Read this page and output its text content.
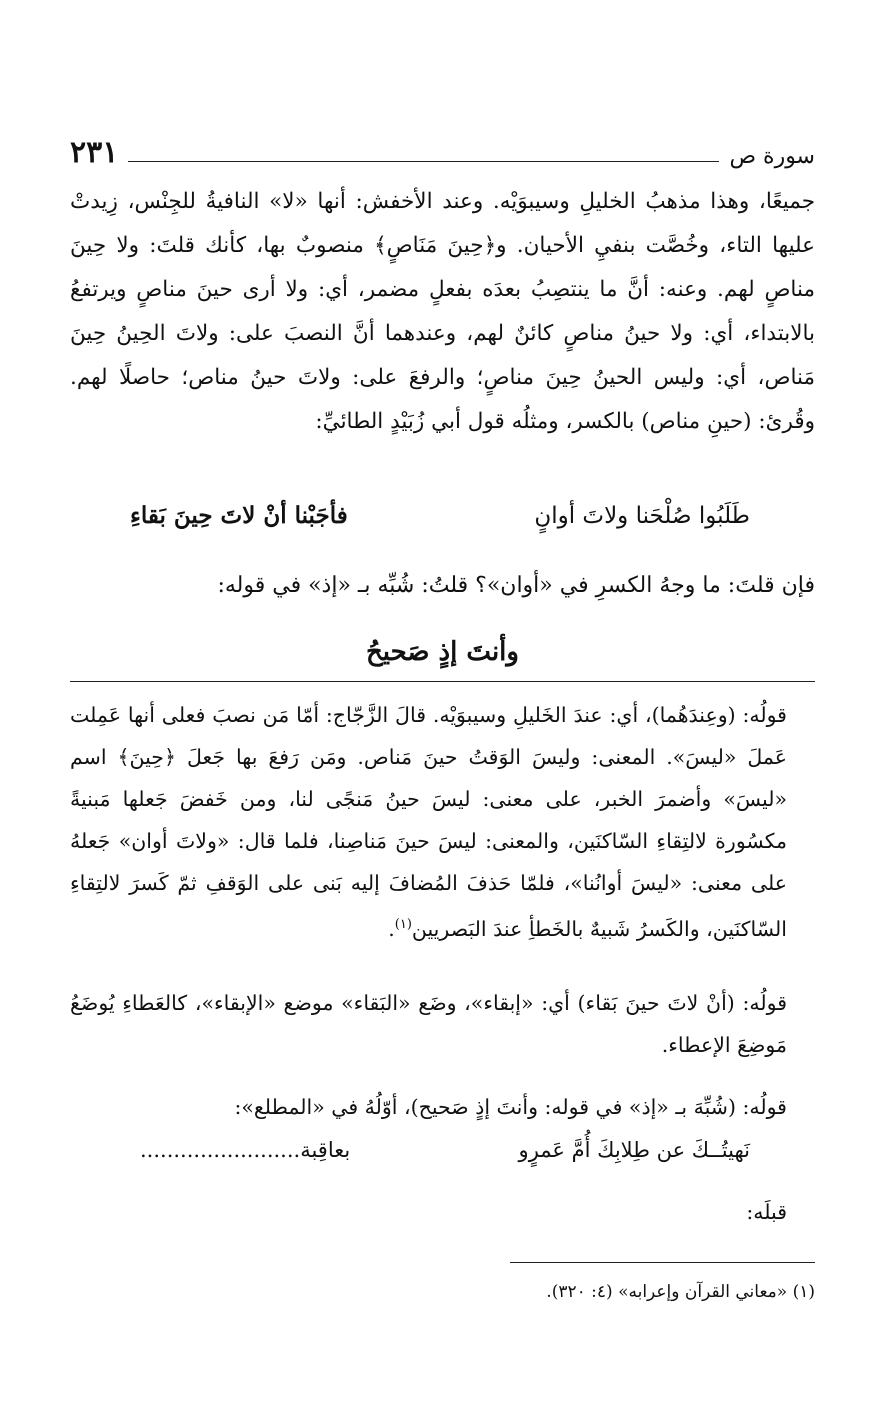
٢٣١	سورة ص

جميعًا، وهذا مذهبُ الخليلِ وسيبوَيْه. وعند الأخفش: أنها «لا» النافيةُ للجِنْس، زِيدتْ عليها التاء، وخُصَّت بنفيِ الأحيان. و﴿حِينَ مَنَاصٍ﴾ منصوبٌ بها، كأنك قلتَ: ولا حِينَ مناصٍ لهم. وعنه: أنَّ ما ينتصِبُ بعدَه بفعلٍ مضمر، أي: ولا أرى حينَ مناصٍ ويرتفعُ بالابتداء، أي: ولا حينُ مناصٍ كائنٌ لهم، وعندهما أنَّ النصبَ على: ولاتَ الحِينُ حِينَ مَناص، أي: وليس الحينُ حِينَ مناصٍ؛ والرفعَ على: ولاتَ حينُ مناص؛ حاصلًا لهم. وقُرئ: (حينِ مناص) بالكسر، ومثلُه قول أبي زُبَيْدٍ الطائيِّ:

طَلَبُوا صُلْحَنا ولاتَ أوانٍ
فأجَبْنا أنْ لاتَ حِينَ بَقاءِ

فإن قلتَ: ما وجهُ الكسرِ في «أوان»؟ قلتُ: شُبِّه بـ «إذ» في قوله:

وأنتَ إذٍ صَحيحُ

قولُه: (وعِندَهُما)، أي: عندَ الخَليلِ وسيبوَيْه. قالَ الزَّجّاج: أمّا مَن نصبَ فعلى أنها عَمِلت عَملَ «ليسَ». المعنى: وليسَ الوَقتُ حينَ مَناص. ومَن رَفعَ بها جَعلَ ﴿حِينَ﴾ اسم «ليسَ» وأضمرَ الخبر، على معنى: ليسَ حينُ مَنجًى لنا، ومن خَفضَ جَعلها مَبنيةً مكسُورة لالتِقاءِ السّاكنَين، والمعنى: ليسَ حينَ مَناصِنا، فلما قال: «ولاتَ أوان» جَعلهُ على معنى: «ليسَ أوانُنا»، فلمّا حَذفَ المُضافَ إليه بَنى على الوَقفِ ثمّ كَسرَ لالتِقاءِ السّاكنَين، والكَسرُ شَبيهٌ بالخَطأِ عندَ البَصريين$^{(١)}$.

قولُه: (أنْ لاتَ حينَ بَقاء) أي: «إبقاء»، وضَع «البَقاء» موضع «الإبقاء»، كالعَطاءِ يُوضَعُ مَوضِعَ الإعطاء.

قولُه: (شُبِّهَ بـ «إذ» في قوله: وأنتَ إذٍ صَحيح)، أوّلُهُ في «المطلع»:

نَهيتُــكَ عن طِلابِكَ أُمَّ عَمرٍو
بعاقِبة........................

قبلَه:

(١) «معاني القرآن وإعرابه» (٤: ٣٢٠).
